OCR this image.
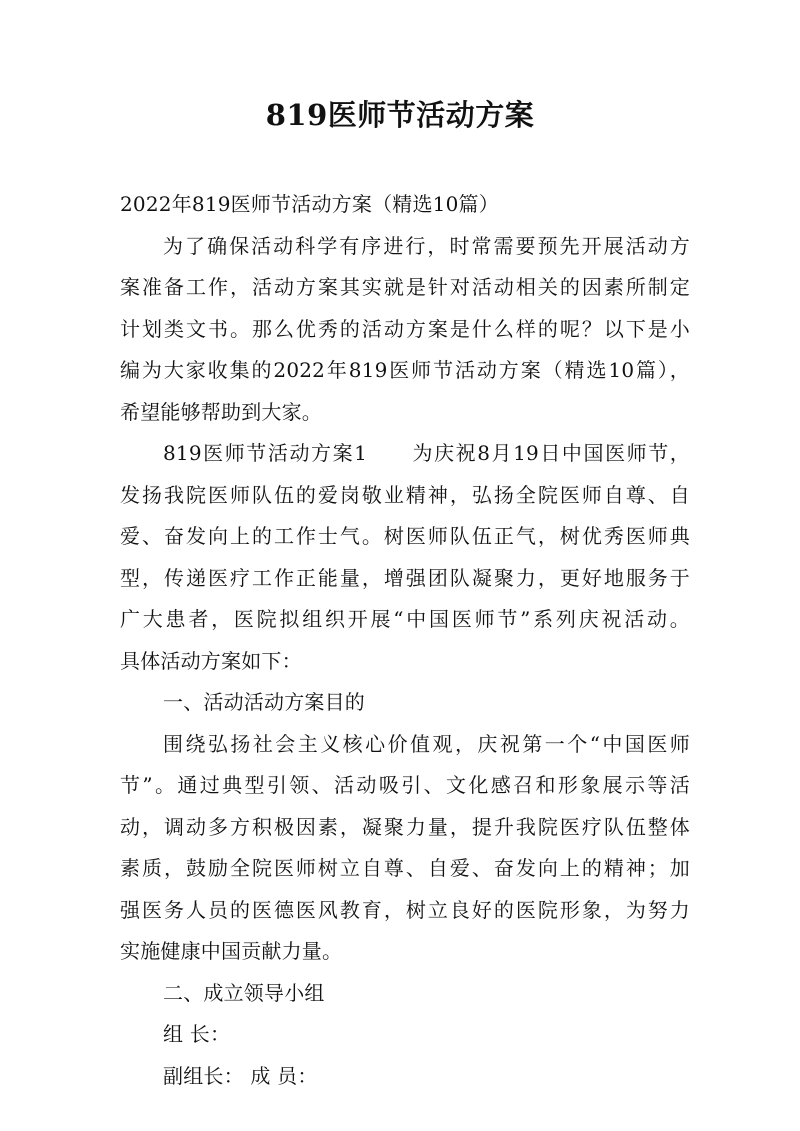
819医师节活动方案
2022年819医师节活动方案（精选10篇）
为了确保活动科学有序进行，时常需要预先开展活动方
案准备工作，活动方案其实就是针对活动相关的因素所制定
计划类文书。那么优秀的活动方案是什么样的呢？以下是小
编为大家收集的2022年819医师节活动方案（精选10篇），
希望能够帮助到大家。
819医师节活动方案1 为庆祝8月19日中国医师节，
发扬我院医师队伍的爱岗敬业精神，弘扬全院医师自尊、自
爱、奋发向上的工作士气。树医师队伍正气，树优秀医师典
型，传递医疗工作正能量，增强团队凝聚力，更好地服务于
广大患者，医院拟组织开展“中国医师节”系列庆祝活动。
具体活动方案如下：
一、活动活动方案目的
围绕弘扬社会主义核心价值观，庆祝第一个“中国医师
节”。通过典型引领、活动吸引、文化感召和形象展示等活
动，调动多方积极因素，凝聚力量，提升我院医疗队伍整体
素质，鼓励全院医师树立自尊、自爱、奋发向上的精神；加
强医务人员的医德医风教育，树立良好的医院形象，为努力
实施健康中国贡献力量。
二、成立领导小组
组 长：
副组长： 成 员：
